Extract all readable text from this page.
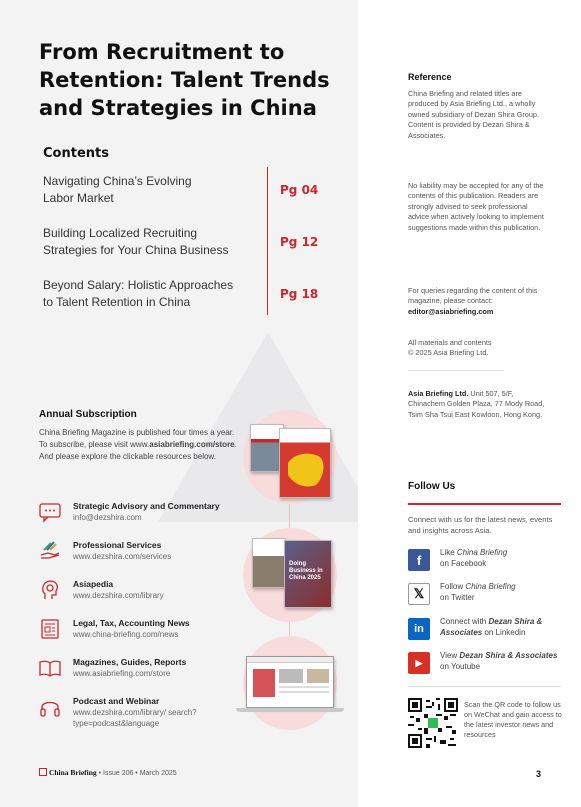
From Recruitment to
Retention: Talent Trends
and Strategies in China
Contents
Navigating China’s Evolving
Labor Market
Pg 04
Building Localized Recruiting
Strategies for Your China Business
Pg 12
Beyond Salary: Holistic Approaches
to Talent Retention in China
Pg 18
Annual Subscription
China Briefing Magazine is published four times a year. To subscribe, please visit www.asiabriefing.com/store. And please explore the clickable resources below.
Strategic Advisory and Commentary
info@dezshira.com
Professional Services
www.dezshira.com/services
Asiapedia
www.dezshira.com/library
Legal, Tax, Accounting News
www.china-briefing.com/news
Magazines, Guides, Reports
www.asiabriefing.com/store
Podcast and Webinar
www.dezshira.com/library/ search?type=podcast&language
Doing Business in China 2025
China Briefing • Issue 206 • March 2025
Reference
China Briefing and related titles are produced by Asia Briefing Ltd., a wholly owned subsidiary of Dezan Shira Group. Content is provided by Dezan Shira & Associates.
No liability may be accepted for any of the contents of this publication. Readers are strongly advised to seek professional advice when actively looking to implement suggestions made within this publication.
For queries regarding the content of this magazine, please contact:
editor@asiabriefing.com
All materials and contents
© 2025 Asia Briefing Ltd.
Asia Briefing Ltd. Unit 507, 5/F, Chinachem Golden Plaza, 77 Mody Road, Tsim Sha Tsui East Kowloon, Hong Kong.
Follow Us
Connect with us for the latest news, events and insights across Asia.
f	Like China Briefing
on Facebook
𝕏	Follow China Briefing
on Twitter
in
Connect with Dezan Shira & Associates on Linkedin
▶
View Dezan Shira & Associates on Youtube
Scan the QR code to follow us on WeChat and gain access to the latest investor news and resources
3
